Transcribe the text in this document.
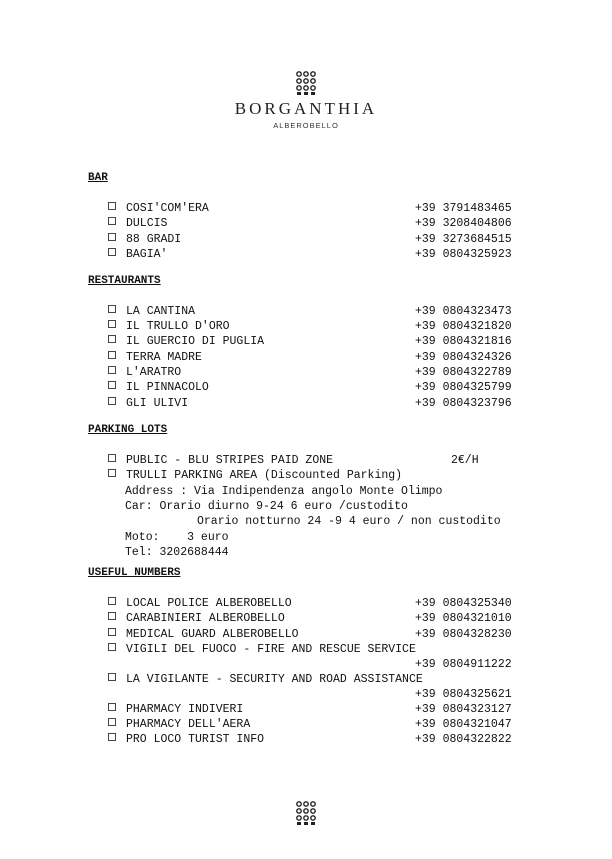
BORGANTHIA
ALBEROBELLO
BAR
COSI'COM'ERA	+39 3791483465
DULCIS	+39 3208404806
88 GRADI	+39 3273684515
BAGIA'	+39 0804325923
RESTAURANTS
LA CANTINA	+39 0804323473
IL TRULLO D'ORO	+39 0804321820
IL GUERCIO DI PUGLIA	+39 0804321816
TERRA MADRE	+39 0804324326
L'ARATRO	+39 0804322789
IL PINNACOLO	+39 0804325799
GLI ULIVI	+39 0804323796
PARKING LOTS
PUBLIC - BLU STRIPES PAID ZONE	2€/H
TRULLI PARKING AREA (Discounted Parking)
Address : Via Indipendenza angolo Monte Olimpo
Car: Orario diurno 9-24 6 euro /custodito
Orario notturno 24 -9 4 euro / non custodito
Moto:    3 euro
Tel: 3202688444
USEFUL NUMBERS
LOCAL POLICE ALBEROBELLO	+39 0804325340
CARABINIERI ALBEROBELLO	+39 0804321010
MEDICAL GUARD ALBEROBELLO	+39 0804328230
VIGILI DEL FUOCO - FIRE AND RESCUE SERVICE
+39 0804911222
LA VIGILANTE - SECURITY AND ROAD ASSISTANCE
+39 0804325621
PHARMACY INDIVERI	+39 0804323127
PHARMACY DELL'AERA	+39 0804321047
PRO LOCO TURIST INFO	+39 0804322822
